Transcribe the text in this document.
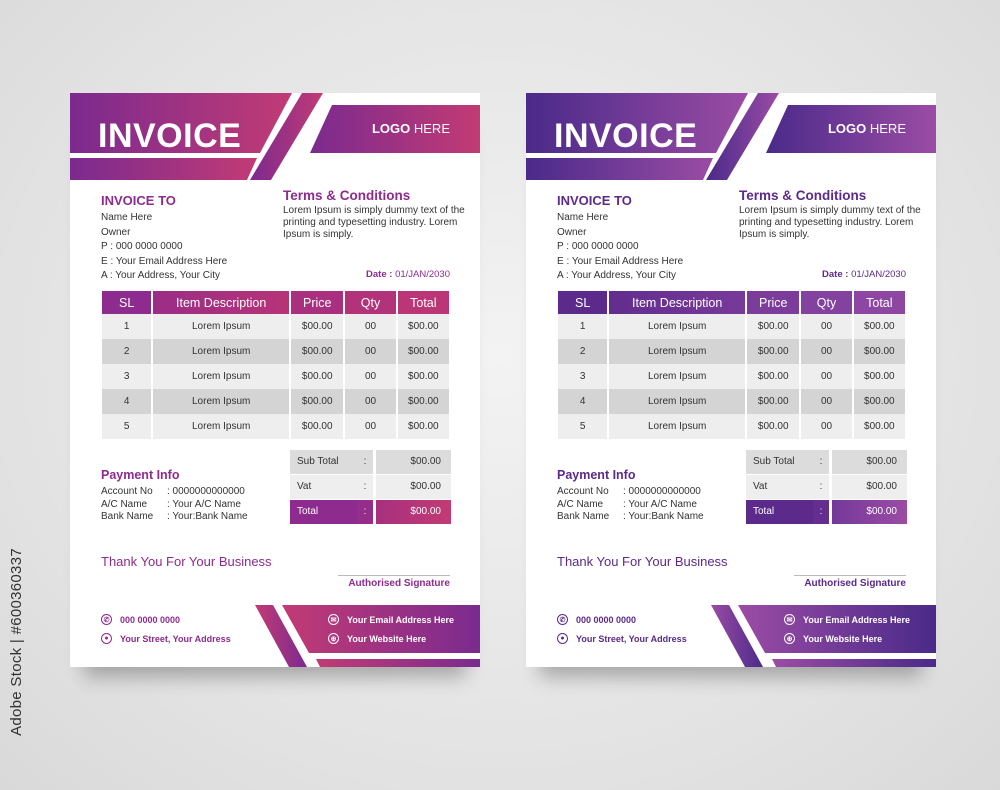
INVOICE	LOGO HERE
INVOICE TO
Name Here
Owner
P : 000 0000 0000
E : Your Email Address Here
A : Your Address, Your City
Terms & Conditions
Lorem Ipsum is simply dummy text of the printing and typesetting industry. Lorem Ipsum is simply.
Date : 01/JAN/2030
SL	Item Description	Price	Qty	Total
1	Lorem Ipsum	$00.00	00	$00.00
2	Lorem Ipsum	$00.00	00	$00.00
3	Lorem Ipsum	$00.00	00	$00.00
4	Lorem Ipsum	$00.00	00	$00.00
5	Lorem Ipsum	$00.00	00	$00.00
Sub Total	:	$00.00
Vat	:	$00.00
Total	:	$00.00
Payment Info
Account No : 0000000000000
A/C Name : Your A/C Name
Bank Name : Your:Bank Name
Thank You For Your Business
Authorised Signature
✆ 000 0000 0000
●	Your Street, Your Address
✉ Your Email Address Here
⊕ Your Website Here
INVOICE	LOGO HERE
INVOICE TO
Name Here
Owner
P : 000 0000 0000
E : Your Email Address Here
A : Your Address, Your City
Terms & Conditions
Lorem Ipsum is simply dummy text of the printing and typesetting industry. Lorem Ipsum is simply.
Date : 01/JAN/2030
SL	Item Description	Price	Qty	Total
1	Lorem Ipsum	$00.00	00	$00.00
2	Lorem Ipsum	$00.00	00	$00.00
3	Lorem Ipsum	$00.00	00	$00.00
4	Lorem Ipsum	$00.00	00	$00.00
5	Lorem Ipsum	$00.00	00	$00.00
Sub Total	:	$00.00
Vat	:	$00.00
Total	:	$00.00
Payment Info
Account No : 0000000000000
A/C Name : Your A/C Name
Bank Name : Your:Bank Name
Thank You For Your Business
Authorised Signature
✆ 000 0000 0000
●	Your Street, Your Address
✉ Your Email Address Here
⊕ Your Website Here
Adobe Stock | #600360337
